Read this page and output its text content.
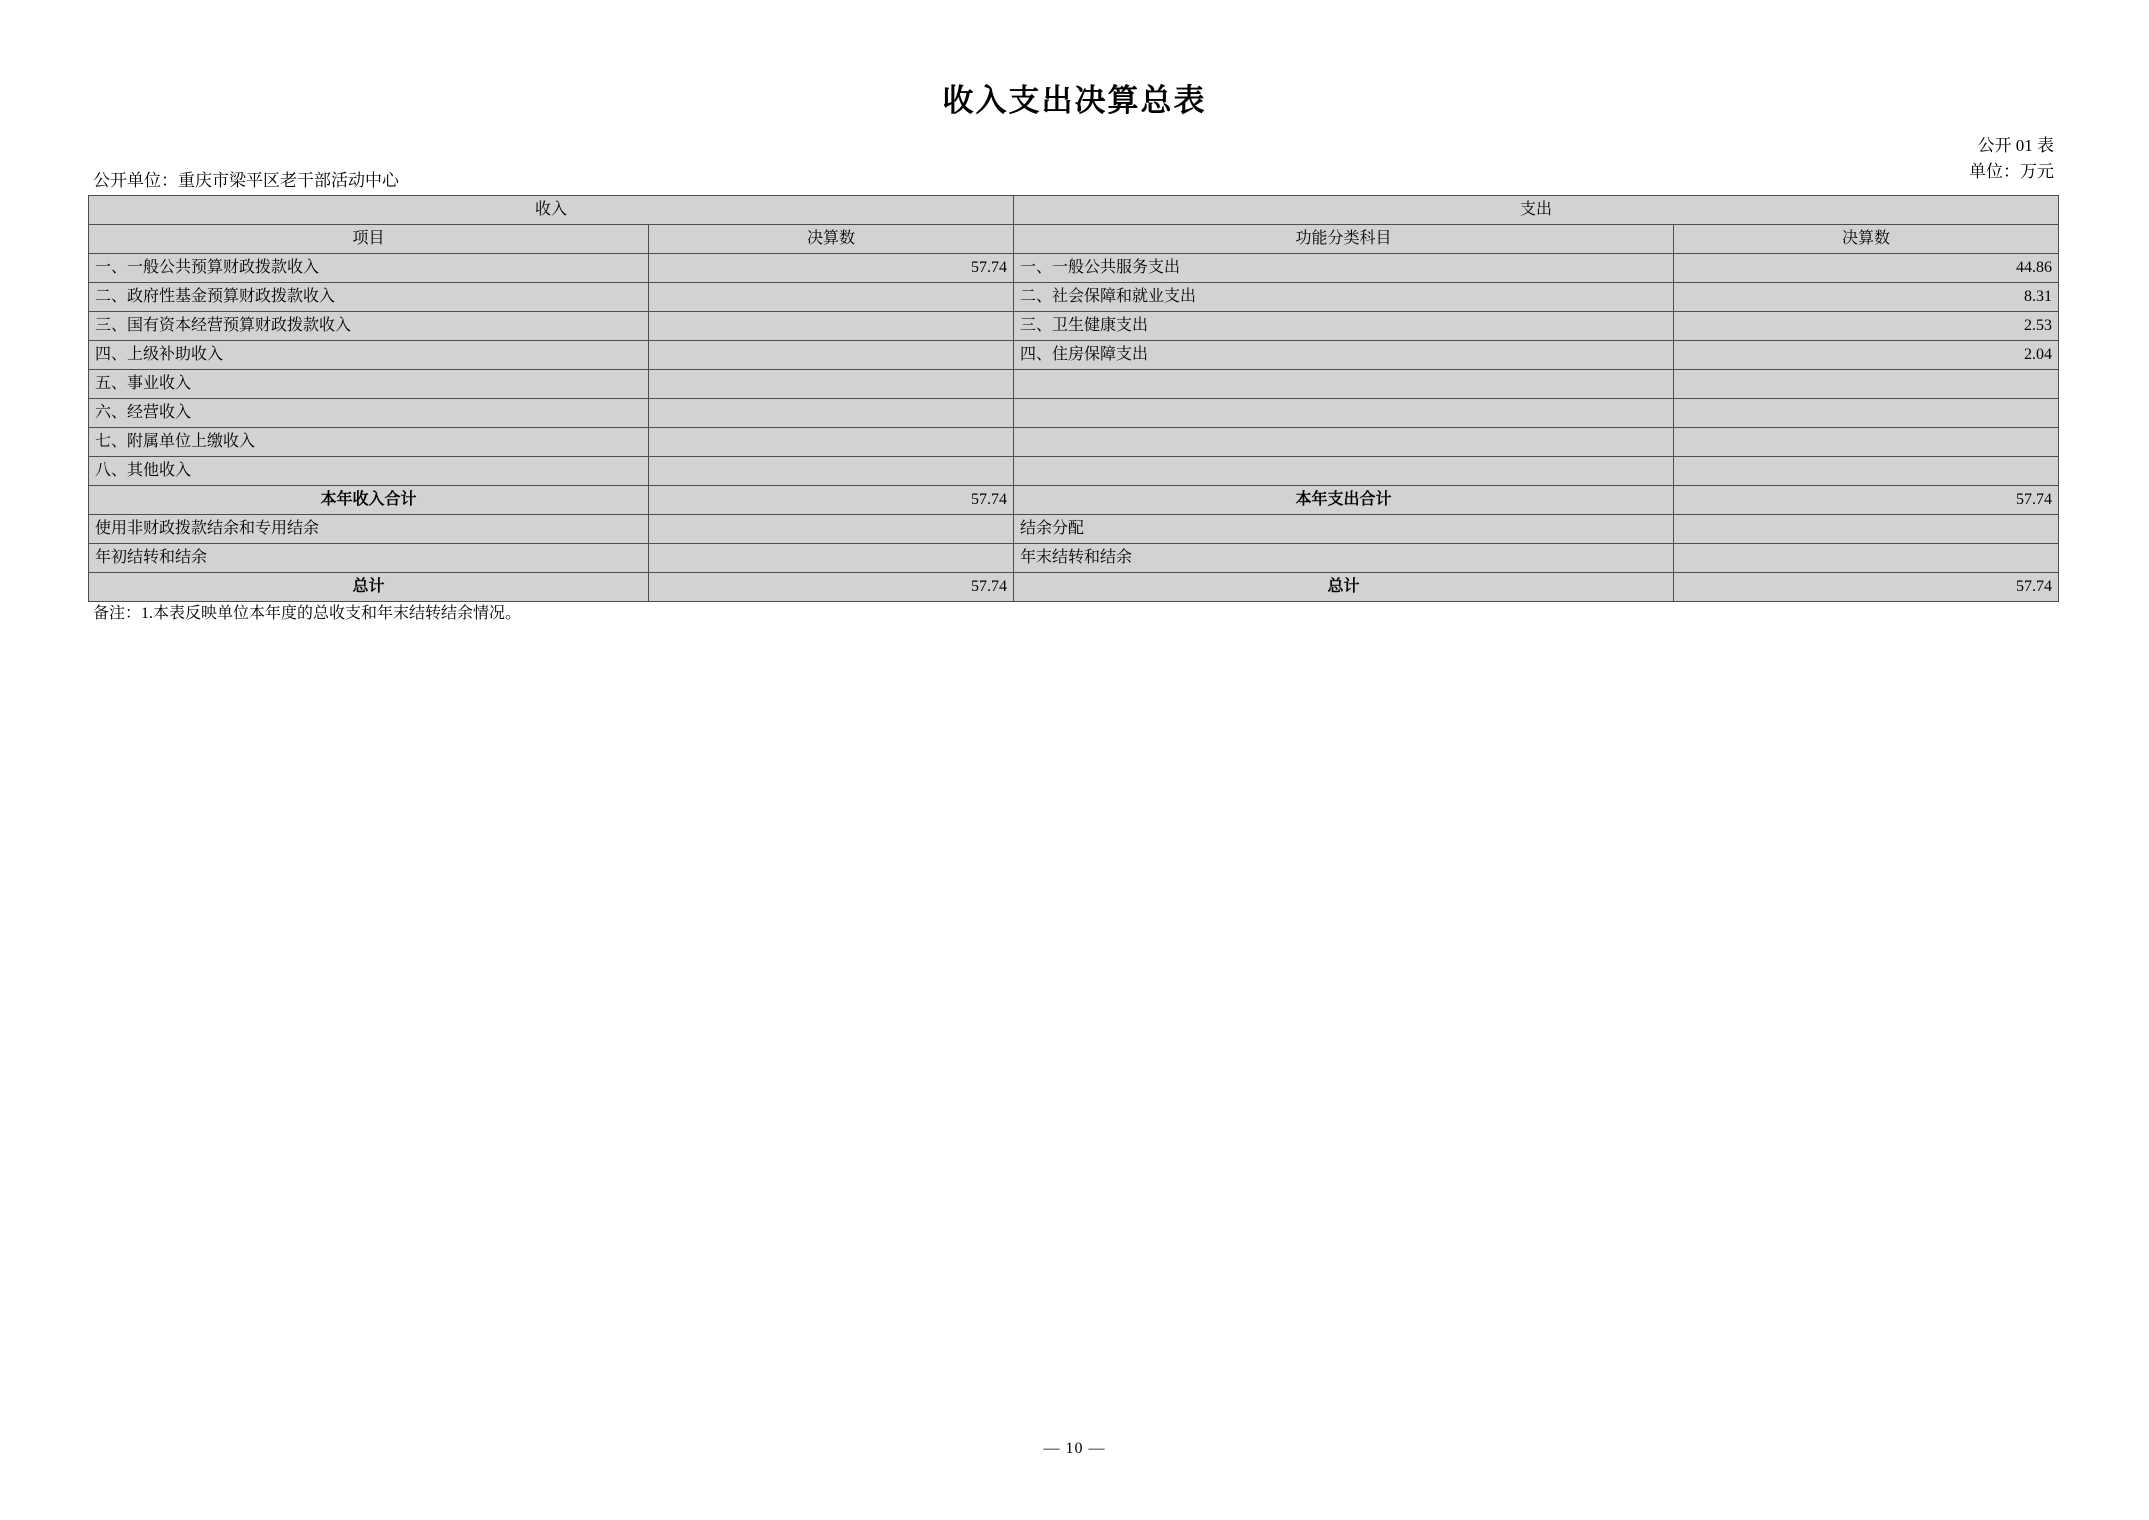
收入支出决算总表
公开 01 表
单位：万元
公开单位：重庆市梁平区老干部活动中心
收入		支出	
项目	决算数	功能分类科目	决算数
一、一般公共预算财政拨款收入	57.74	一、一般公共服务支出	44.86
二、政府性基金预算财政拨款收入		二、社会保障和就业支出	8.31
三、国有资本经营预算财政拨款收入		三、卫生健康支出	2.53
四、上级补助收入		四、住房保障支出	2.04
五、事业收入			
六、经营收入			
七、附属单位上缴收入			
八、其他收入			
本年收入合计	57.74	本年支出合计	57.74
使用非财政拨款结余和专用结余		结余分配	
年初结转和结余		年末结转和结余	
总计	57.74	总计	57.74
备注：1.本表反映单位本年度的总收支和年末结转结余情况。
— 10 —
